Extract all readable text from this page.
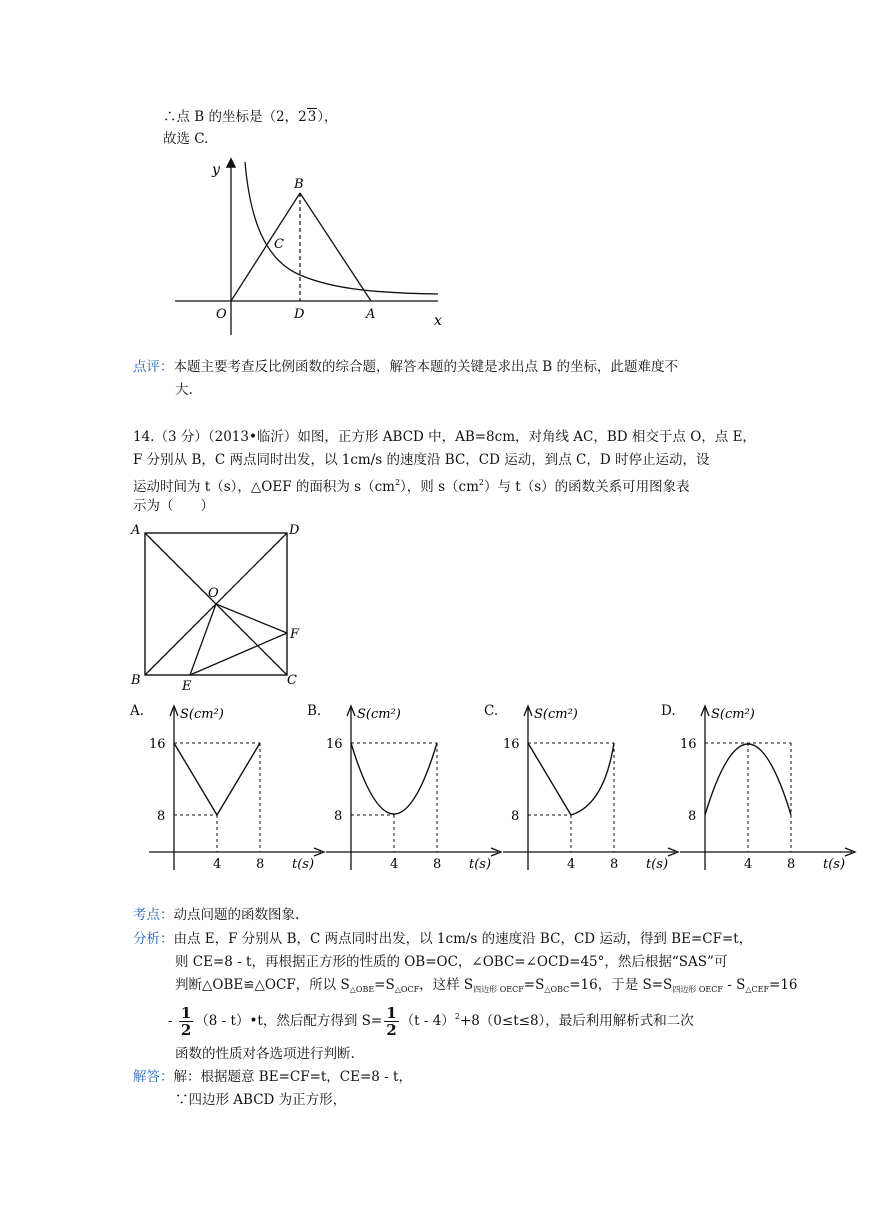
∴点 B 的坐标是（2，23），
故选 C.
y
x
B
C
O	D	A
点评：本题主要考查反比例函数的综合题，解答本题的关键是求出点 B 的坐标，此题难度不
大.
14.（3 分）（2013•临沂）如图，正方形 ABCD 中，AB=8cm，对角线 AC，BD 相交于点 O，点 E，
F 分别从 B，C 两点同时出发，以 1cm/s 的速度沿 BC，CD 运动，到点 C，D 时停止运动，设
运动时间为 t（s），△OEF 的面积为 $s(cm^2)$，则 $s(cm^2)$与 t（s）的函数关系可用图象表
示为（　　）
A	D
O
F
B	E	C
A.	S(cm²)
16
8
4	8 t(s)
B.	S(cm²)
16
8
4	8 t(s)
C.	S(cm²)
16
8
4	8 t(s)
D.	S(cm²)
16
8
4	8 t(s)
考点：动点问题的函数图象.
分析：由点 E，F 分别从 B，C 两点同时出发，以 1cm/s 的速度沿 BC，CD 运动，得到 BE=CF=t，
则 CE=8 - t，再根据正方形的性质的 OB=OC，∠OBC=∠OCD=45°，然后根据“SAS”可
判断△OBE≌△OCF，所以 $S_{\triangle OBE}=S_{\triangle OCF}$，这样 $S_{四边形 OECF}=S_{\triangle OBC}=16$，于是 $S=S_{四边形 OECF} - S_{\triangle CEF}=16$
- $\frac{1}{2} (8$ - t）•t，然后配方得到 $S= \frac{1}{2} (t - 4)^2+8(0\le t\le 8)$，最后利用解析式和二次
函数的性质对各选项进行判断.
解答：解：根据题意 BE=CF=t，CE=8 - t，
∵四边形 ABCD 为正方形，
